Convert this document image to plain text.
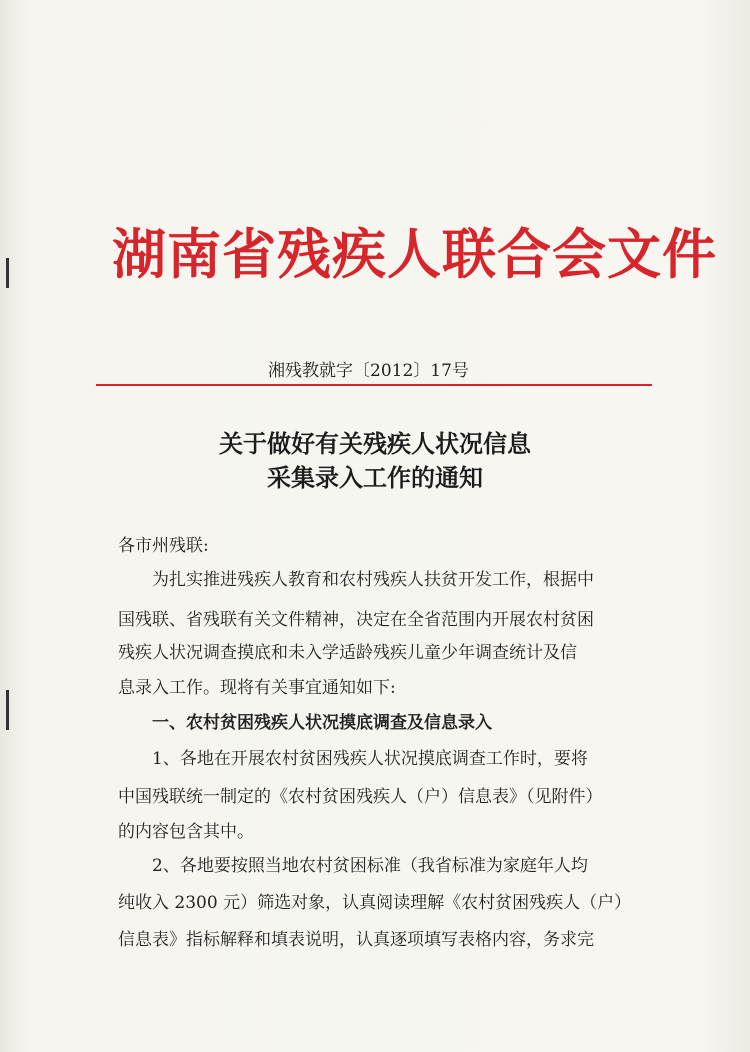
湖南省残疾人联合会文件
湘残教就字〔2012〕17号
关于做好有关残疾人状况信息
采集录入工作的通知
各市州残联:
为扎实推进残疾人教育和农村残疾人扶贫开发工作，根据中
国残联、省残联有关文件精神，决定在全省范围内开展农村贫困
残疾人状况调查摸底和未入学适龄残疾儿童少年调查统计及信
息录入工作。现将有关事宜通知如下:
一、农村贫困残疾人状况摸底调查及信息录入
1、各地在开展农村贫困残疾人状况摸底调查工作时，要将
中国残联统一制定的《农村贫困残疾人（户）信息表》（见附件）
的内容包含其中。
2、各地要按照当地农村贫困标准（我省标准为家庭年人均
纯收入 2300 元）筛选对象，认真阅读理解《农村贫困残疾人（户）
信息表》指标解释和填表说明，认真逐项填写表格内容，务求完
